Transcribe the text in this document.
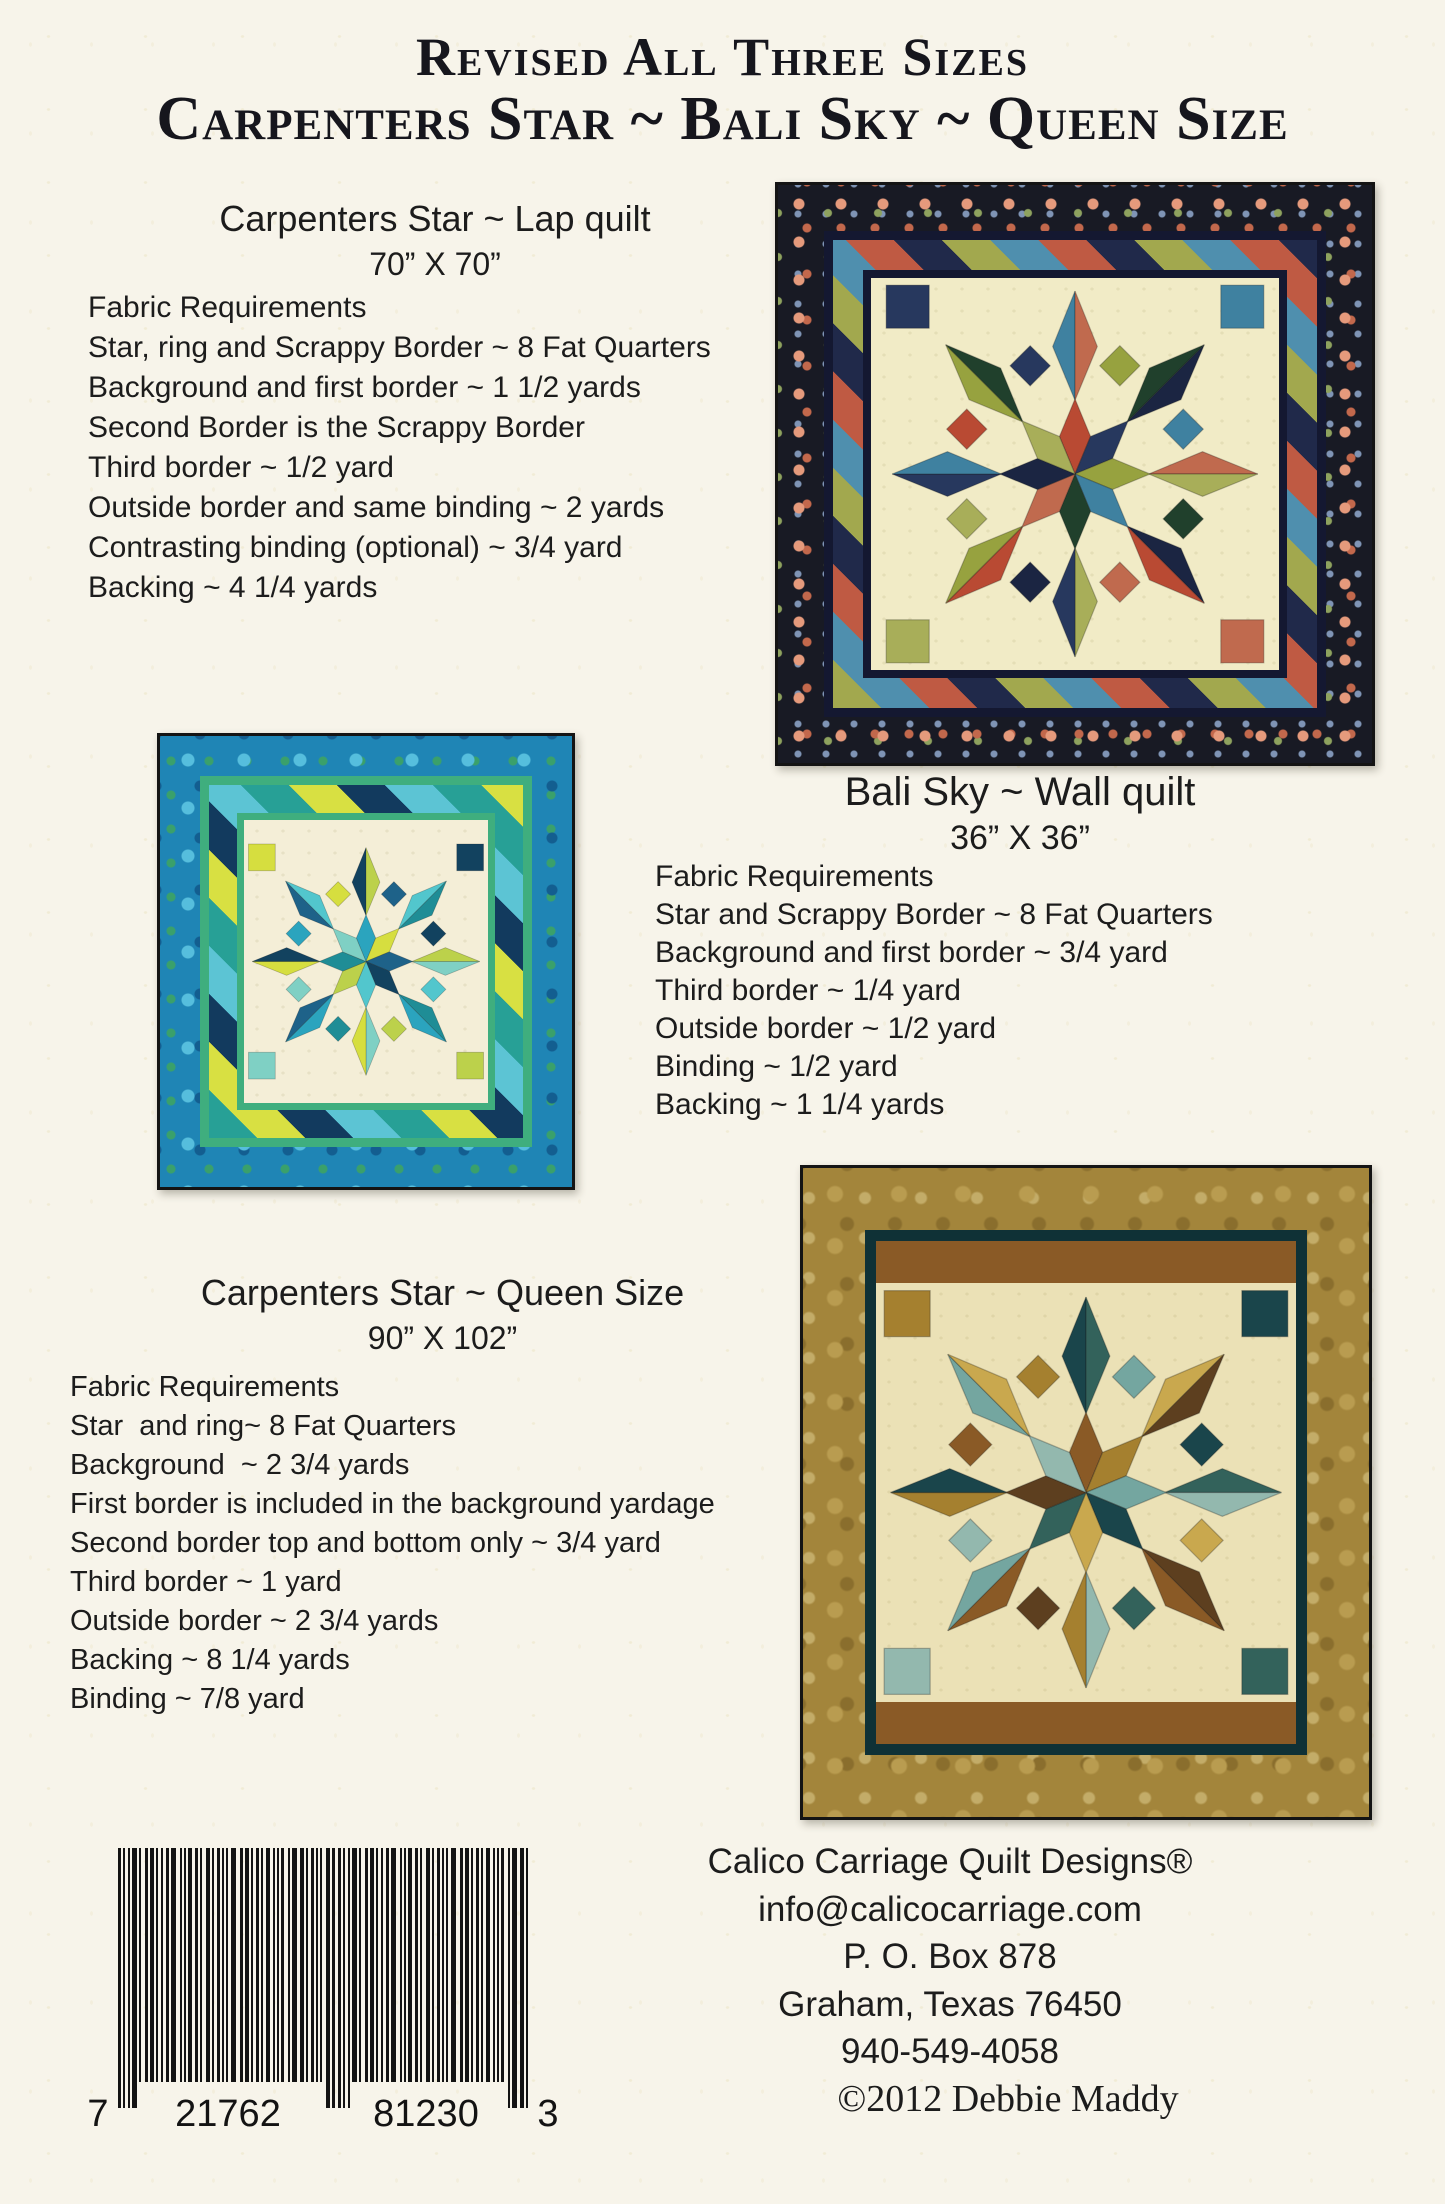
Revised All Three Sizes
Carpenters Star ~ Bali Sky ~ Queen Size
Carpenters Star ~ Lap quilt
70” X 70”
Fabric Requirements
Star, ring and Scrappy Border ~ 8 Fat Quarters
Background and first border ~ 1 1/2 yards
Second Border is the Scrappy Border
Third border ~ 1/2 yard
Outside border and same binding ~ 2 yards
Contrasting binding (optional) ~ 3/4 yard
Backing ~ 4 1/4 yards
Bali Sky ~ Wall quilt
36” X 36”
Fabric Requirements
Star and Scrappy Border ~ 8 Fat Quarters
Background and first border ~ 3/4 yard
Third border ~ 1/4 yard
Outside border ~ 1/2 yard
Binding ~ 1/2 yard
Backing ~ 1 1/4 yards
Carpenters Star ~ Queen Size
90” X 102”
Fabric Requirements
Star  and ring~ 8 Fat Quarters
Background  ~ 2 3/4 yards
First border is included in the background yardage
Second border top and bottom only ~ 3/4 yard
Third border ~ 1 yard
Outside border ~ 2 3/4 yards
Backing ~ 8 1/4 yards
Binding ~ 7/8 yard
7 21762 81230 3
Calico Carriage Quilt Designs®
info@calicocarriage.com
P. O. Box 878
Graham, Texas 76450
940-549-4058
©2012 Debbie Maddy
